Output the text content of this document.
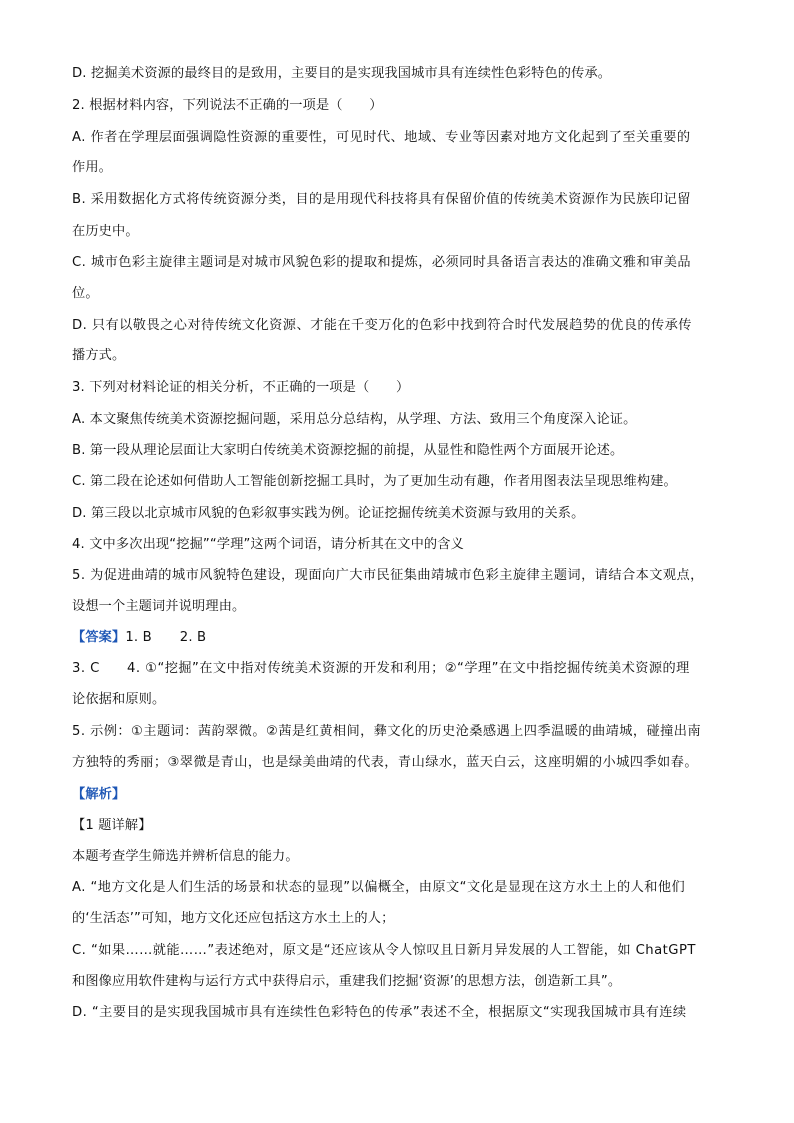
D. 挖掘美术资源的最终目的是致用，主要目的是实现我国城市具有连续性色彩特色的传承。
2. 根据材料内容，下列说法不正确的一项是（　　）
A. 作者在学理层面强调隐性资源的重要性，可见时代、地域、专业等因素对地方文化起到了至关重要的
作用。
B. 采用数据化方式将传统资源分类，目的是用现代科技将具有保留价值的传统美术资源作为民族印记留
在历史中。
C. 城市色彩主旋律主题词是对城市风貌色彩的提取和提炼，必须同时具备语言表达的准确文雅和审美品
位。
D. 只有以敬畏之心对待传统文化资源、才能在千变万化的色彩中找到符合时代发展趋势的优良的传承传
播方式。
3. 下列对材料论证的相关分析，不正确的一项是（　　）
A. 本文聚焦传统美术资源挖掘问题，采用总分总结构，从学理、方法、致用三个角度深入论证。
B. 第一段从理论层面让大家明白传统美术资源挖掘的前提，从显性和隐性两个方面展开论述。
C. 第二段在论述如何借助人工智能创新挖掘工具时，为了更加生动有趣，作者用图表法呈现思维构建。
D. 第三段以北京城市风貌的色彩叙事实践为例。论证挖掘传统美术资源与致用的关系。
4. 文中多次出现“挖掘”“学理”这两个词语，请分析其在文中的含义
5. 为促进曲靖的城市风貌特色建设，现面向广大市民征集曲靖城市色彩主旋律主题词，请结合本文观点，
设想一个主题词并说明理由。
【答案】1. B 2. B
3. C　　4. ①“挖掘”在文中指对传统美术资源的开发和利用；②“学理”在文中指挖掘传统美术资源的理
论依据和原则。
5. 示例：①主题词：茜韵翠微。②茜是红黄相间，彝文化的历史沧桑感遇上四季温暖的曲靖城，碰撞出南
方独特的秀丽；③翠微是青山，也是绿美曲靖的代表，青山绿水，蓝天白云，这座明媚的小城四季如春。
【解析】
【1 题详解】
本题考查学生筛选并辨析信息的能力。
A. “地方文化是人们生活的场景和状态的显现”以偏概全，由原文“文化是显现在这方水土上的人和他们
的‘生活态’”可知，地方文化还应包括这方水土上的人；
C. “如果……就能……”表述绝对，原文是“还应该从令人惊叹且日新月异发展的人工智能，如 ChatGPT
和图像应用软件建构与运行方式中获得启示，重建我们挖掘‘资源’的思想方法，创造新工具”。
D. “主要目的是实现我国城市具有连续性色彩特色的传承”表述不全，根据原文“实现我国城市具有连续
